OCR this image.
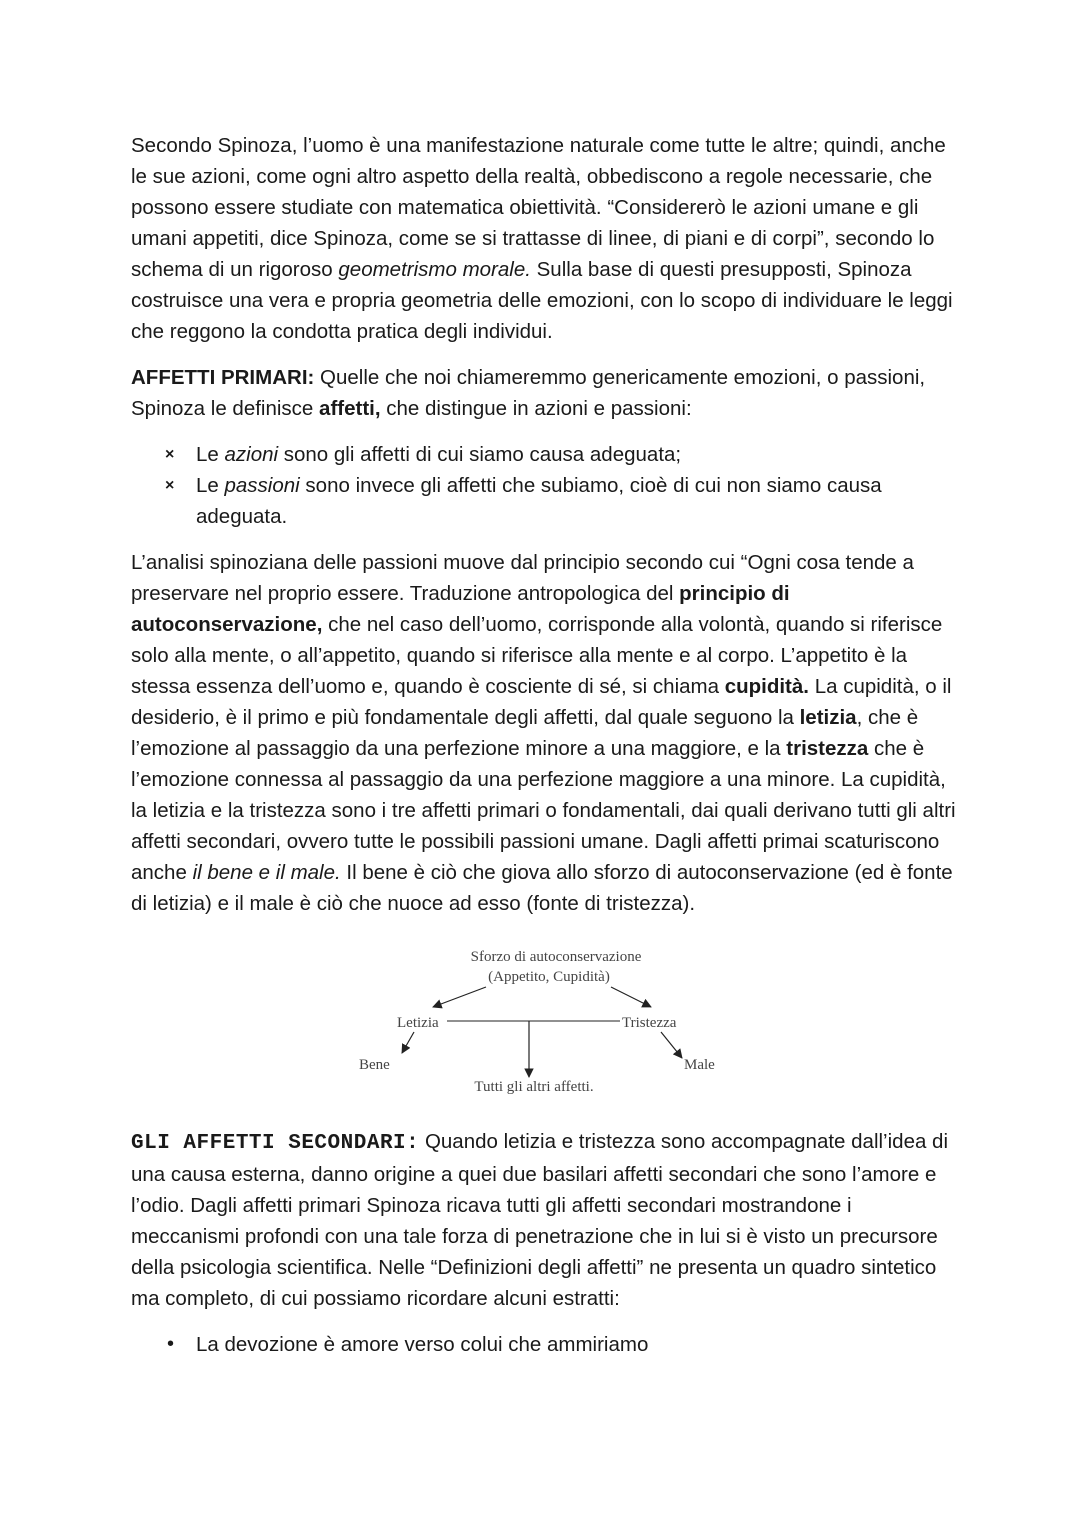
Secondo Spinoza, l’uomo è una manifestazione naturale come tutte le altre; quindi, anche le sue azioni, come ogni altro aspetto della realtà, obbediscono a regole necessarie, che possono essere studiate con matematica obiettività. “Considererò le azioni umane e gli umani appetiti, dice Spinoza, come se si trattasse di linee, di piani e di corpi”, secondo lo schema di un rigoroso geometrismo morale. Sulla base di questi presupposti, Spinoza costruisce una vera e propria geometria delle emozioni, con lo scopo di individuare le leggi che reggono la condotta pratica degli individui.

AFFETTI PRIMARI: Quelle che noi chiameremmo genericamente emozioni, o passioni, Spinoza le definisce affetti, che distingue in azioni e passioni:

× Le azioni sono gli affetti di cui siamo causa adeguata;
× Le passioni sono invece gli affetti che subiamo, cioè di cui non siamo causa adeguata.

L’analisi spinoziana delle passioni muove dal principio secondo cui “Ogni cosa tende a preservare nel proprio essere. Traduzione antropologica del principio di autoconservazione, che nel caso dell’uomo, corrisponde alla volontà, quando si riferisce solo alla mente, o all’appetito, quando si riferisce alla mente e al corpo. L’appetito è la stessa essenza dell’uomo e, quando è cosciente di sé, si chiama cupidità. La cupidità, o il desiderio, è il primo e più fondamentale degli affetti, dal quale seguono la letizia, che è l’emozione al passaggio da una perfezione minore a una maggiore, e la tristezza che è l’emozione connessa al passaggio da una perfezione maggiore a una minore. La cupidità, la letizia e la tristezza sono i tre affetti primari o fondamentali, dai quali derivano tutti gli altri affetti secondari, ovvero tutte le possibili passioni umane. Dagli affetti primai scaturiscono anche il bene e il male. Il bene è ciò che giova allo sforzo di autoconservazione (ed è fonte di letizia) e il male è ciò che nuoce ad esso (fonte di tristezza).

Sforzo di autoconservazione
(Appetito, Cupidità)
Letizia	Tristezza
Bene	Male
Tutti gli altri affetti.

GLI AFFETTI SECONDARI: Quando letizia e tristezza sono accompagnate dall’idea di una causa esterna, danno origine a quei due basilari affetti secondari che sono l’amore e l’odio. Dagli affetti primari Spinoza ricava tutti gli affetti secondari mostrandone i meccanismi profondi con una tale forza di penetrazione che in lui si è visto un precursore della psicologia scientifica. Nelle “Definizioni degli affetti” ne presenta un quadro sintetico ma completo, di cui possiamo ricordare alcuni estratti:

• La devozione è amore verso colui che ammiriamo
